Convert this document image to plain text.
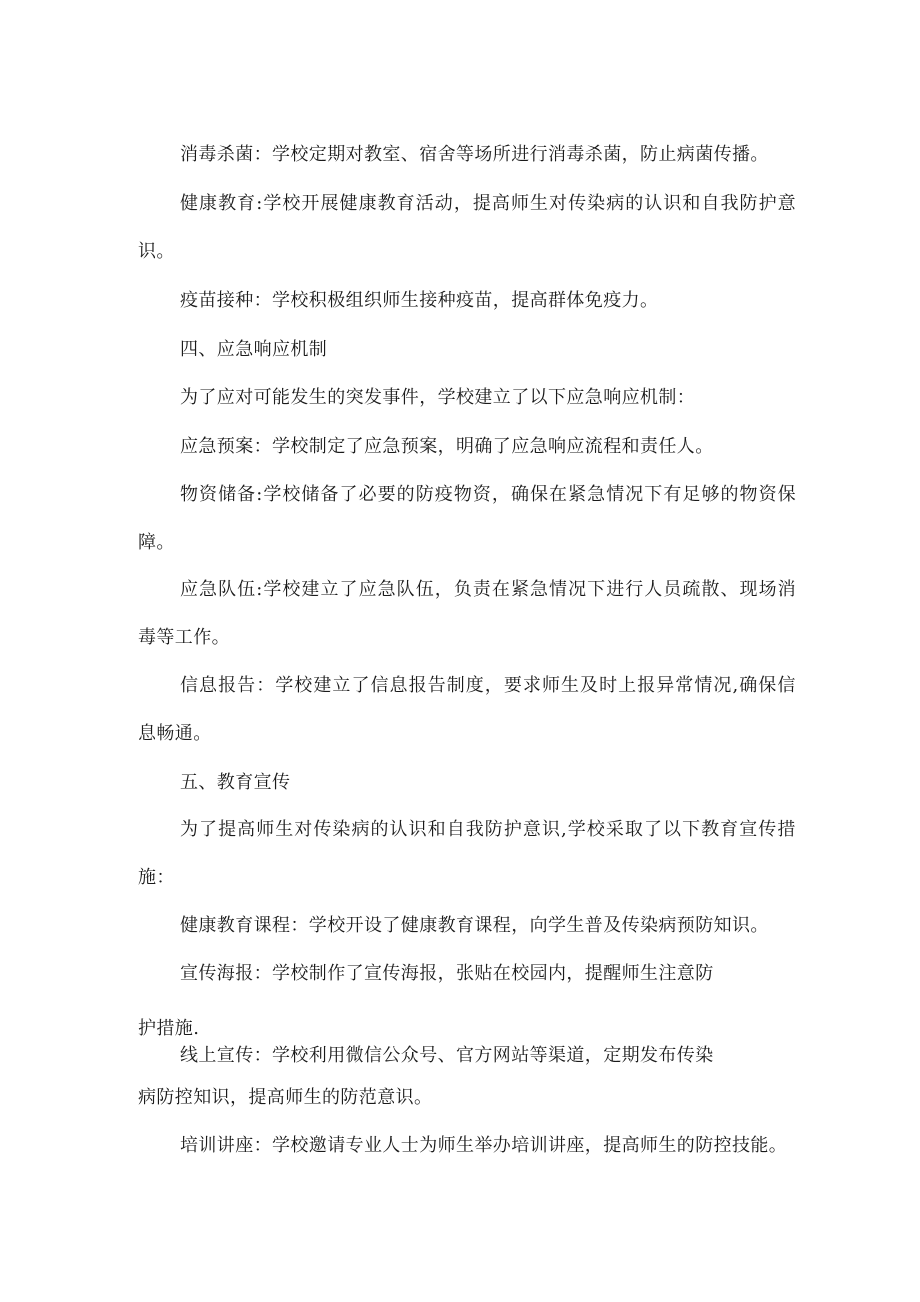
消毒杀菌：学校定期对教室、宿舍等场所进行消毒杀菌，防止病菌传播。

健康教育:学校开展健康教育活动，提高师生对传染病的认识和自我防护意

识。

疫苗接种：学校积极组织师生接种疫苗，提高群体免疫力。

四、应急响应机制

为了应对可能发生的突发事件，学校建立了以下应急响应机制：

应急预案：学校制定了应急预案，明确了应急响应流程和责任人。

物资储备:学校储备了必要的防疫物资，确保在紧急情况下有足够的物资保

障。

应急队伍:学校建立了应急队伍，负责在紧急情况下进行人员疏散、现场消

毒等工作。

信息报告：学校建立了信息报告制度，要求师生及时上报异常情况,确保信

息畅通。

五、教育宣传

为了提高师生对传染病的认识和自我防护意识,学校采取了以下教育宣传措

施：

健康教育课程：学校开设了健康教育课程，向学生普及传染病预防知识。

宣传海报：学校制作了宣传海报，张贴在校园内，提醒师生注意防

护措施.

线上宣传：学校利用微信公众号、官方网站等渠道，定期发布传染

病防控知识，提高师生的防范意识。

培训讲座：学校邀请专业人士为师生举办培训讲座，提高师生的防控技能。
